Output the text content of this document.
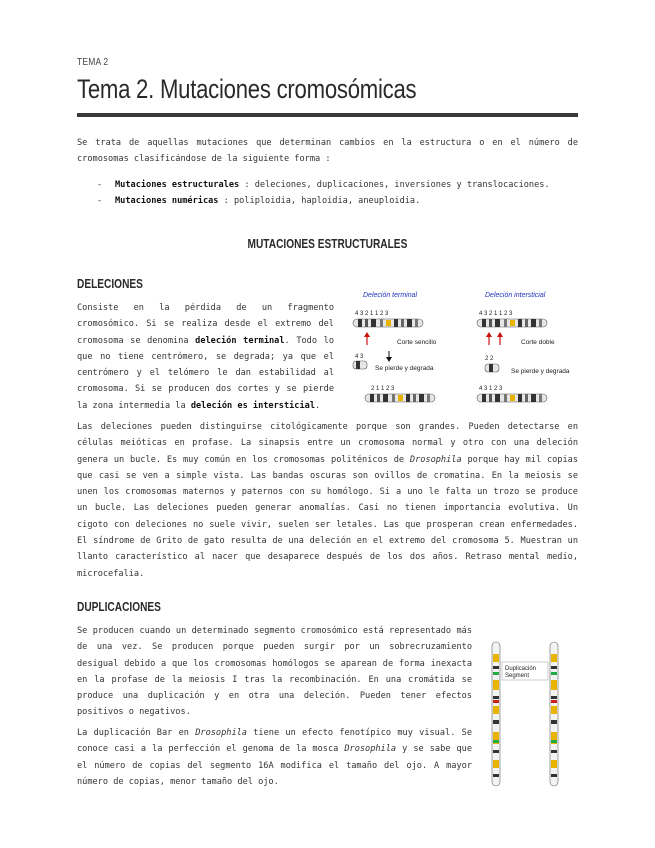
TEMA 2
Tema 2. Mutaciones cromosómicas

Se trata de aquellas mutaciones que determinan cambios en la estructura o en el número de cromosomas clasificándose de la siguiente forma :

- Mutaciones estructurales : deleciones, duplicaciones, inversiones y translocaciones.
- Mutaciones numéricas : poliploidia, haploidia, aneuploidia.
MUTACIONES ESTRUCTURALES
DELECIONES

Consiste en la pérdida de un fragmento cromosómico. Si se realiza desde el extremo del cromosoma se denomina deleción terminal. Todo lo que no tiene centrómero, se degrada; ya que el centrómero y el telómero le dan estabilidad al cromosoma. Si se producen dos cortes y se pierde la zona intermedia la deleción es intersticial.

Deleción terminal	Deleción intersticial
4 3 2 1 1 2 3	4 3 2 1 1 2 3
Corte sencillo	Corte doble
4 3
Se pierde y degrada
2 2
Se pierde y degrada
2 1 1 2 3	4 3 1 2 3

Las deleciones pueden distinguirse citológicamente porque son grandes. Pueden detectarse en células meióticas en profase. La sinapsis entre un cromosoma normal y otro con una deleción genera un bucle. Es muy común en los cromosomas politénicos de Drosophila porque hay mil copias que casi se ven a simple vista. Las bandas oscuras son ovillos de cromatina. En la meiosis se unen los cromosomas maternos y paternos con su homólogo. Si a uno le falta un trozo se produce un bucle. Las deleciones pueden generar anomalías. Casi no tienen importancia evolutiva. Un cigoto con deleciones no suele vivir, suelen ser letales. Las que prosperan crean enfermedades. El síndrome de Grito de gato resulta de una deleción en el extremo del cromosoma 5. Muestran un llanto característico al nacer que desaparece después de los dos años. Retraso mental medio, microcefalia.

DUPLICACIONES

Se producen cuando un determinado segmento cromosómico está representado más de una vez. Se producen porque pueden surgir por un sobrecruzamiento desigual debido a que los cromosomas homólogos se aparean de forma inexacta en la profase de la meiosis I tras la recombinación. En una cromátida se produce una duplicación y en otra una deleción. Pueden tener efectos positivos o negativos.

La duplicación Bar en Drosophila tiene un efecto fenotípico muy visual. Se conoce casi a la perfección el genoma de la mosca Drosophila y se sabe que el número de copias del segmento 16A modifica el tamaño del ojo. A mayor número de copias, menor tamaño del ojo.

Duplicación
Segment
